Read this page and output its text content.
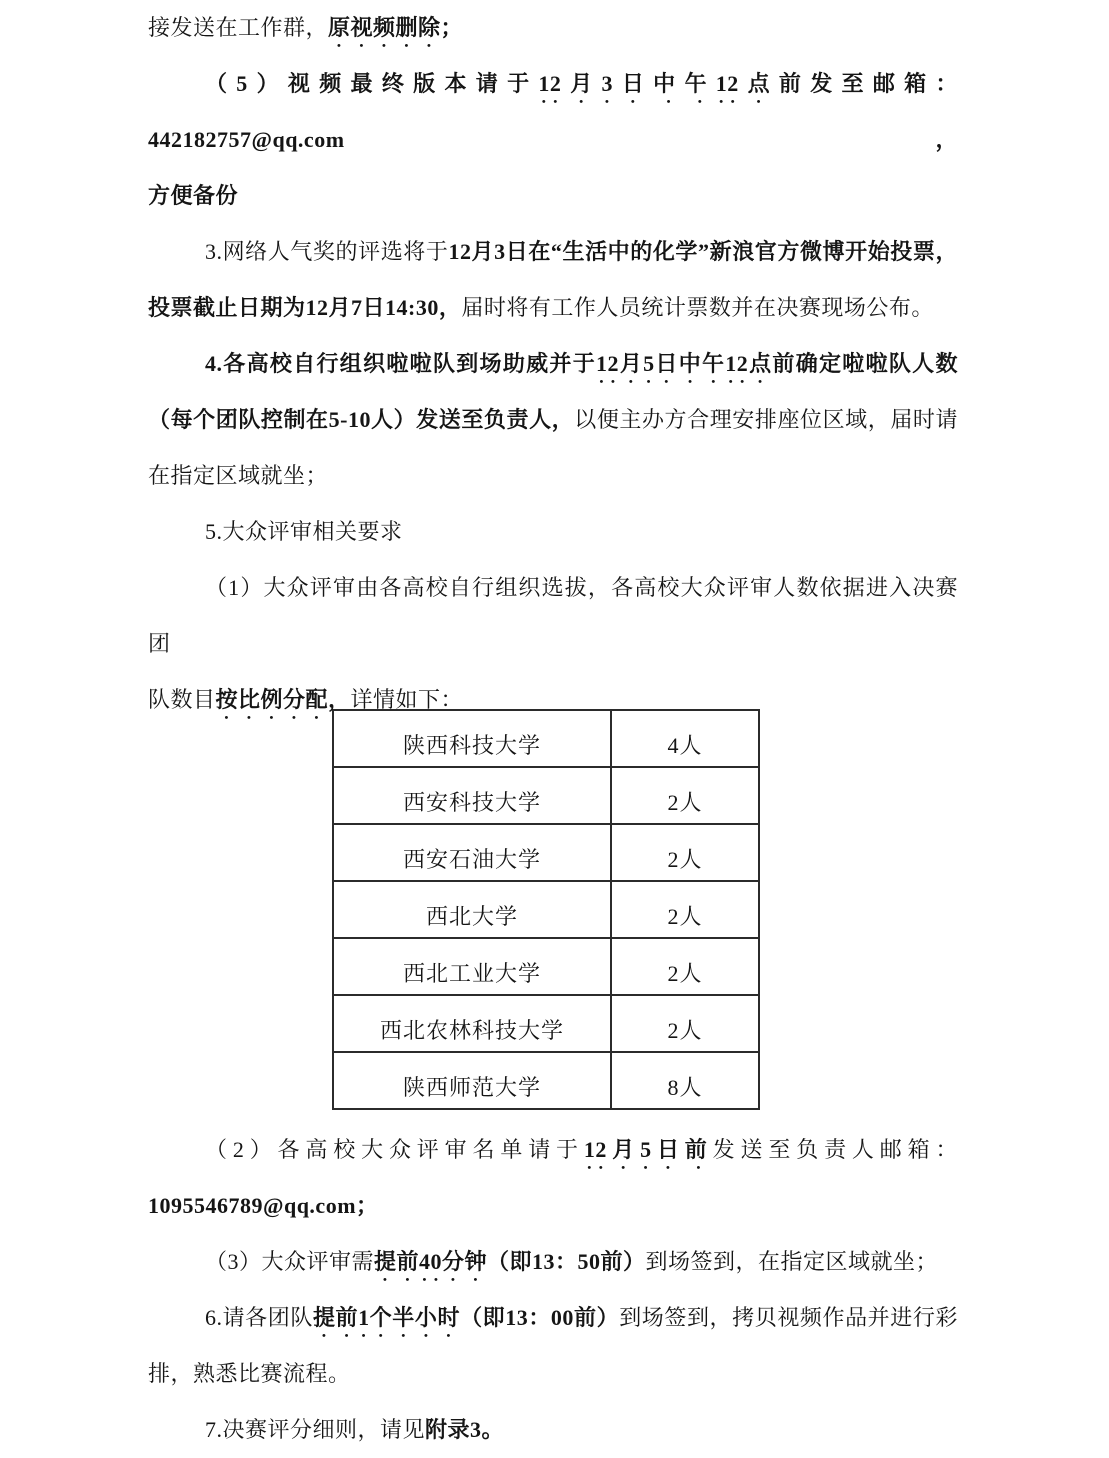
接发送在工作群，原视频删除；
（5）视频最终版本请于12月3日中午12点前发至邮箱：442182757@qq.com，
方便备份
3.网络人气奖的评选将于12月3日在“生活中的化学”新浪官方微博开始投票，
投票截止日期为12月7日14:30，届时将有工作人员统计票数并在决赛现场公布。
4.各高校自行组织啦啦队到场助威并于12月5日中午12点前确定啦啦队人数
（每个团队控制在5-10人）发送至负责人，以便主办方合理安排座位区域，届时请
在指定区域就坐；
5.大众评审相关要求
（1）大众评审由各高校自行组织选拔，各高校大众评审人数依据进入决赛团
队数目按比例分配，详情如下：
陕西科技大学	4人
西安科技大学	2人
西安石油大学	2人
西北大学	2人
西北工业大学	2人
西北农林科技大学	2人
陕西师范大学	8人
（2）各高校大众评审名单请于12月5日前发送至负责人邮箱：
1095546789@qq.com；
（3）大众评审需提前40分钟（即13：50前）到场签到，在指定区域就坐；
6.请各团队提前1个半小时（即13：00前）到场签到，拷贝视频作品并进行彩
排，熟悉比赛流程。
7.决赛评分细则，请见附录3。
